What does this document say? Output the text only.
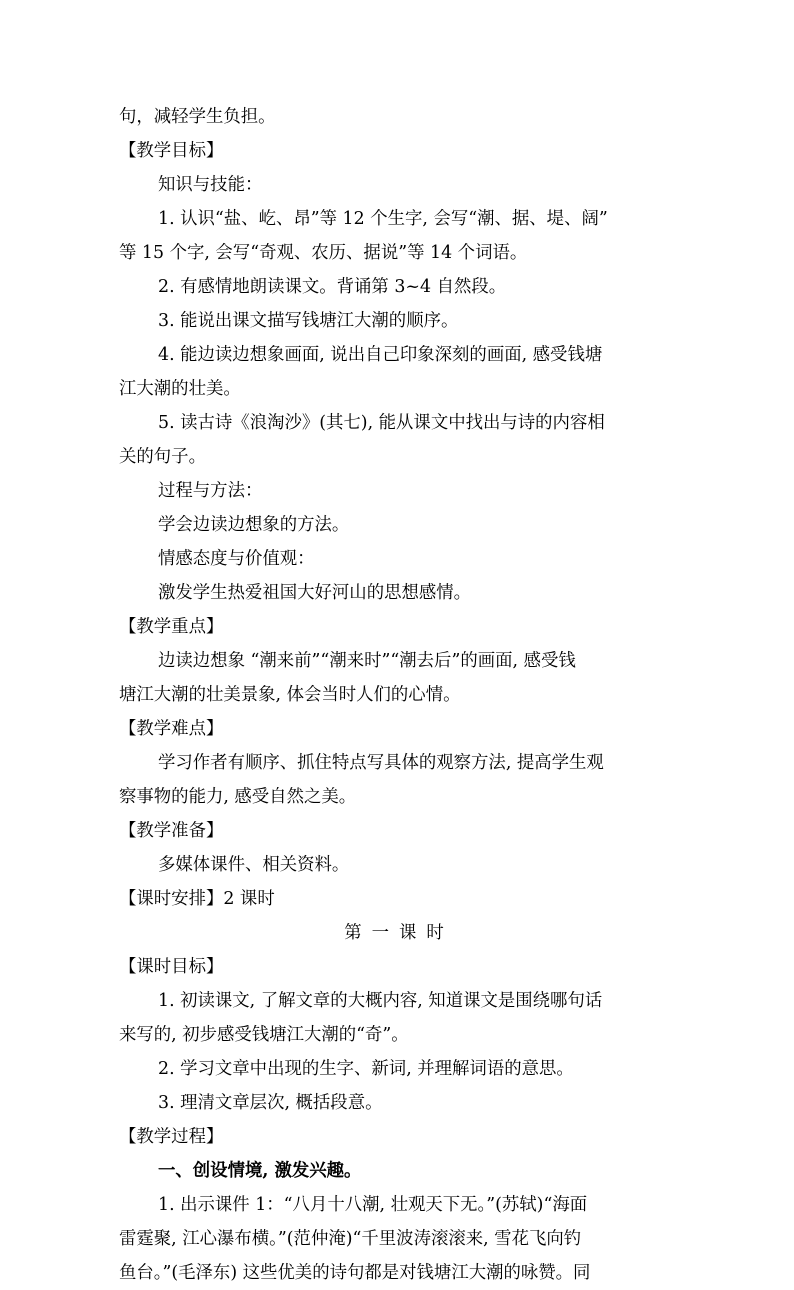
句，减轻学生负担。
【教学目标】
知识与技能：
1. 认识“盐、屹、昂”等 12 个生字, 会写“潮、据、堤、阔”
等 15 个字, 会写“奇观、农历、据说”等 14 个词语。
2. 有感情地朗读课文。背诵第 3~4 自然段。
3. 能说出课文描写钱塘江大潮的顺序。
4. 能边读边想象画面, 说出自己印象深刻的画面, 感受钱塘
江大潮的壮美。
5. 读古诗《浪淘沙》(其七), 能从课文中找出与诗的内容相
关的句子。
过程与方法：
学会边读边想象的方法。
情感态度与价值观：
激发学生热爱祖国大好河山的思想感情。
【教学重点】
边读边想象 “潮来前”“潮来时”“潮去后”的画面, 感受钱
塘江大潮的壮美景象, 体会当时人们的心情。
【教学难点】
学习作者有顺序、抓住特点写具体的观察方法, 提高学生观
察事物的能力, 感受自然之美。
【教学准备】
多媒体课件、相关资料。
【课时安排】2 课时
第一课时
【课时目标】
1. 初读课文, 了解文章的大概内容, 知道课文是围绕哪句话
来写的, 初步感受钱塘江大潮的“奇”。
2. 学习文章中出现的生字、新词, 并理解词语的意思。
3. 理清文章层次, 概括段意。
【教学过程】
一、创设情境, 激发兴趣。
1. 出示课件 1：“八月十八潮, 壮观天下无。”(苏轼)“海面
雷霆聚, 江心瀑布横。”(范仲淹)“千里波涛滚滚来, 雪花飞向钓
鱼台。”(毛泽东) 这些优美的诗句都是对钱塘江大潮的咏赞。同
